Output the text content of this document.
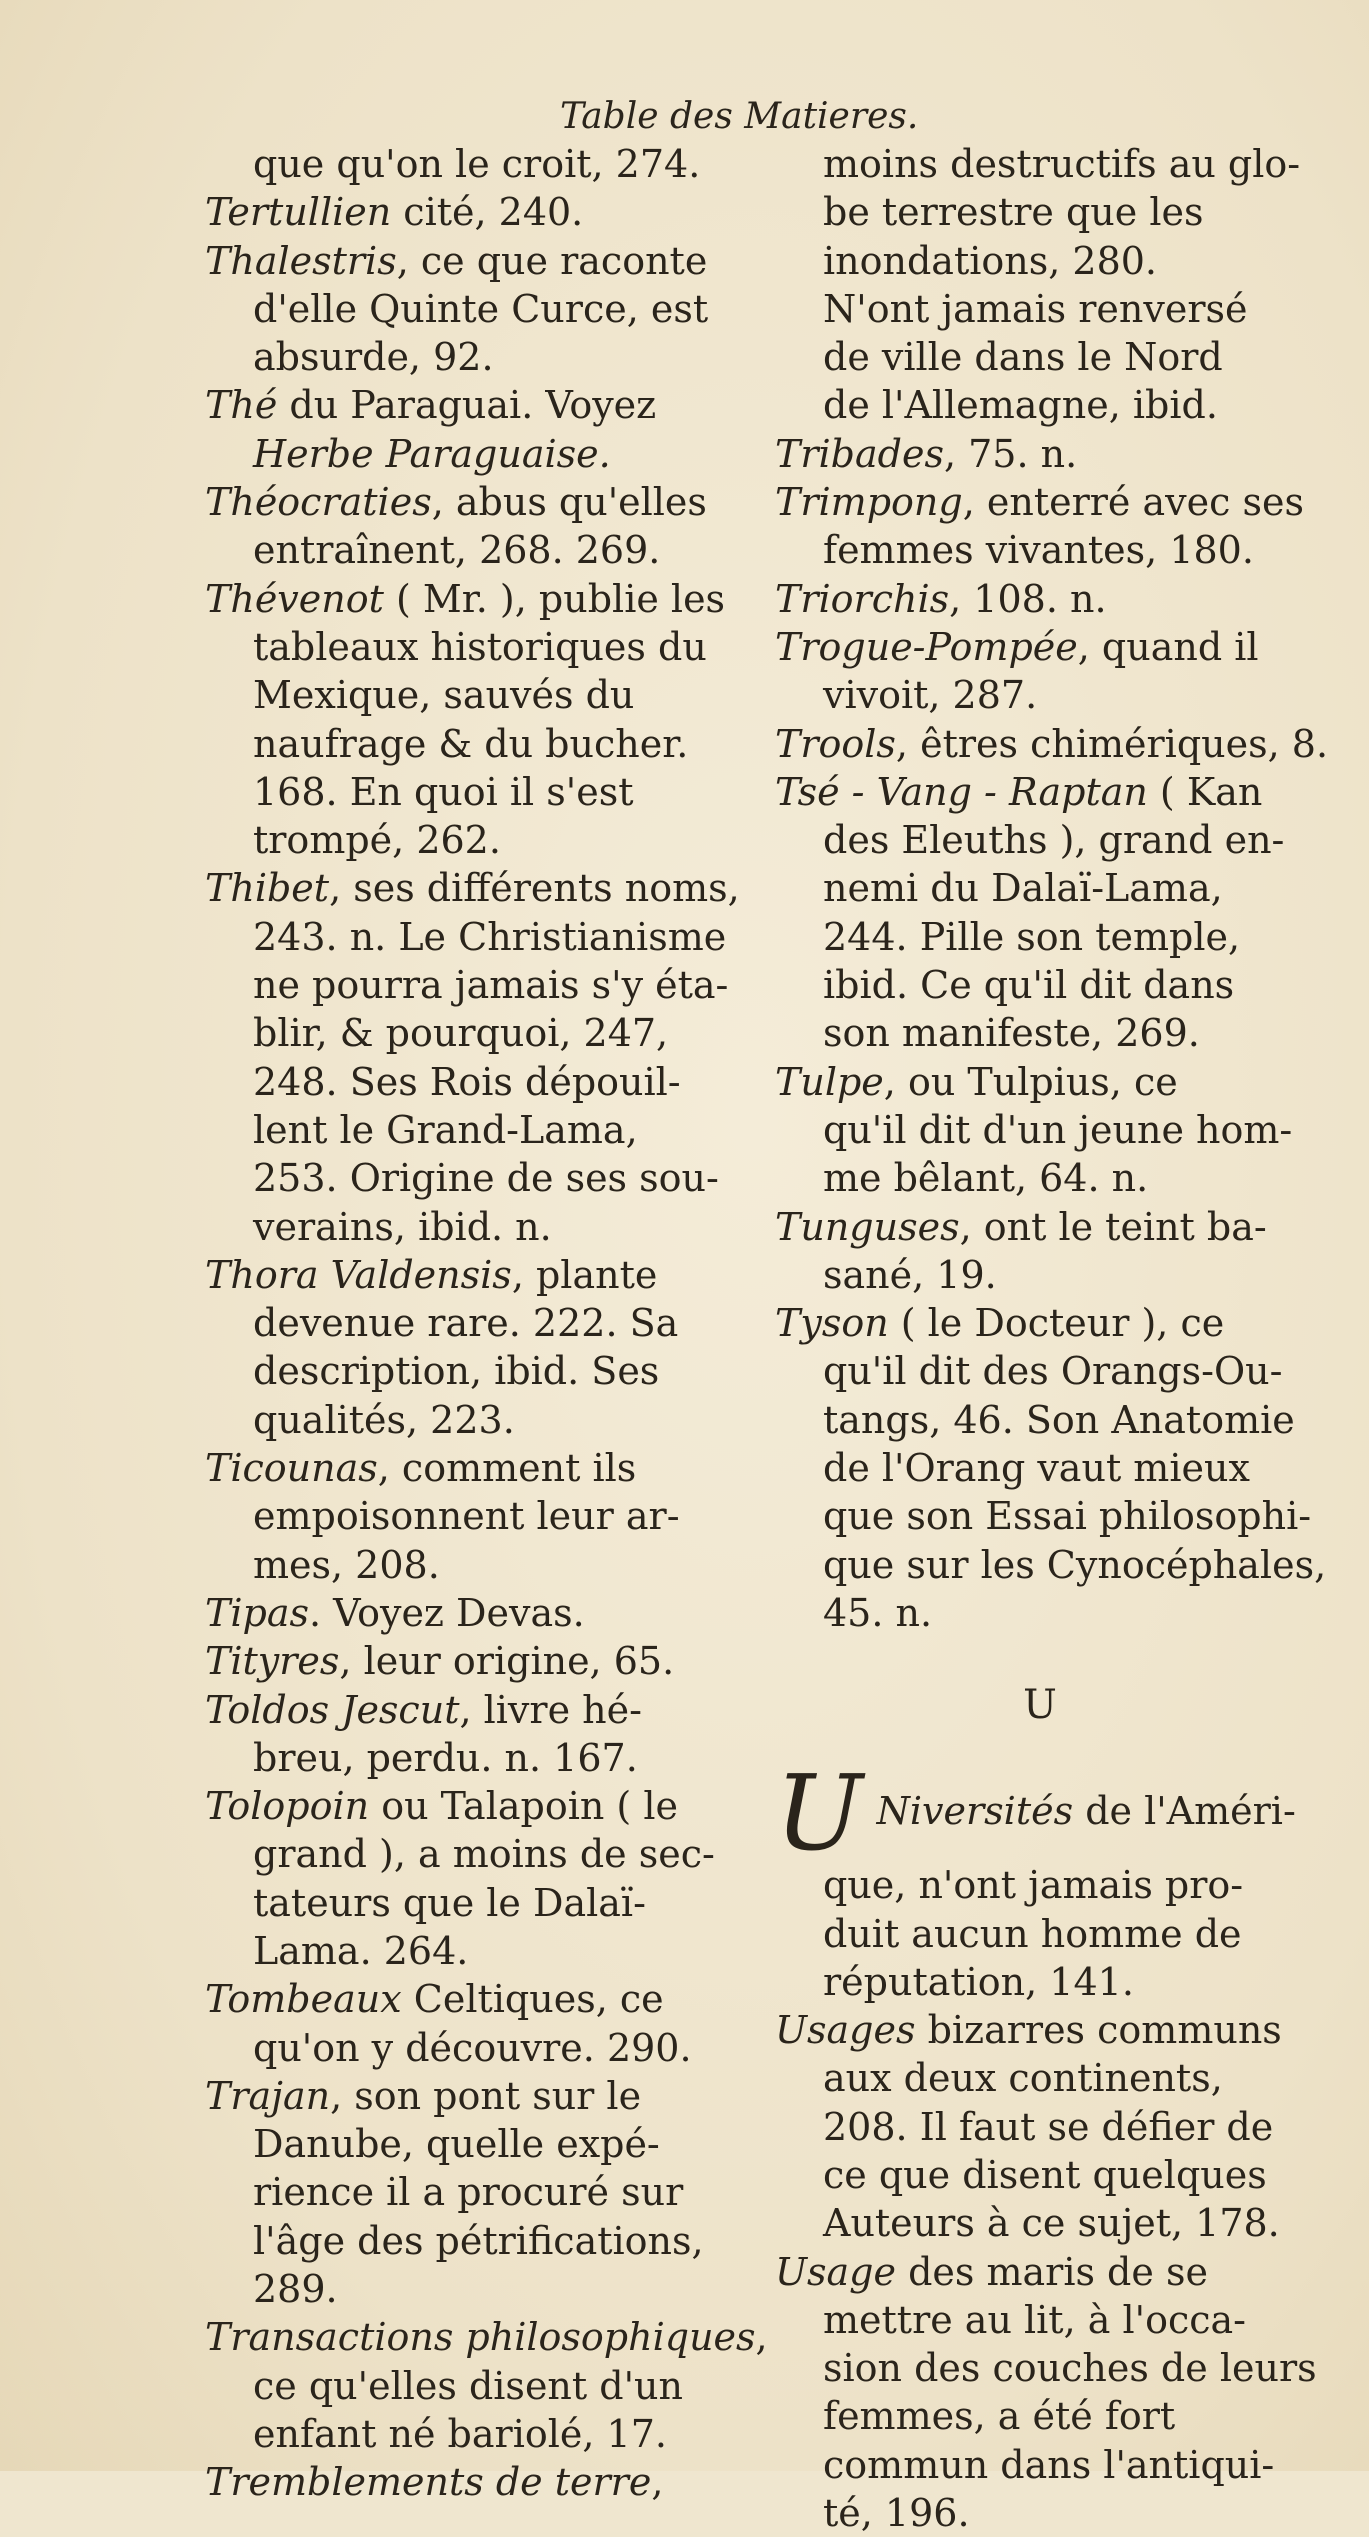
Table des Matieres.
que qu'on le croit, 274.
Tertullien cité, 240.
Thalestris, ce que raconte
d'elle Quinte Curce, est
absurde, 92.
Thé du Paraguai. Voyez
Herbe Paraguaise.
Théocraties, abus qu'elles
entraînent, 268. 269.
Thévenot ( Mr. ), publie les
tableaux historiques du
Mexique, sauvés du
naufrage & du bucher.
168. En quoi il s'est
trompé, 262.
Thibet, ses différents noms,
243. n. Le Christianisme
ne pourra jamais s'y éta-
blir, & pourquoi, 247,
248. Ses Rois dépouil-
lent le Grand-Lama,
253. Origine de ses sou-
verains, ibid. n.
Thora Valdensis, plante
devenue rare. 222. Sa
description, ibid. Ses
qualités, 223.
Ticounas, comment ils
empoisonnent leur ar-
mes, 208.
Tipas. Voyez Devas.
Tityres, leur origine, 65.
Toldos Jescut, livre hé-
breu, perdu. n. 167.
Tolopoin ou Talapoin ( le
grand ), a moins de sec-
tateurs que le Dalaï-
Lama. 264.
Tombeaux Celtiques, ce
qu'on y découvre. 290.
Trajan, son pont sur le
Danube, quelle expé-
rience il a procuré sur
l'âge des pétrifications,
289.
Transactions philosophiques,
ce qu'elles disent d'un
enfant né bariolé, 17.
Tremblements de terre,
moins destructifs au glo-
be terrestre que les
inondations, 280.
N'ont jamais renversé
de ville dans le Nord
de l'Allemagne, ibid.
Tribades, 75. n.
Trimpong, enterré avec ses
femmes vivantes, 180.
Triorchis, 108. n.
Trogue-Pompée, quand il
vivoit, 287.
Trools, êtres chimériques, 8.
Tsé - Vang - Raptan ( Kan
des Eleuths ), grand en-
nemi du Dalaï-Lama,
244. Pille son temple,
ibid. Ce qu'il dit dans
son manifeste, 269.
Tulpe, ou Tulpius, ce
qu'il dit d'un jeune hom-
me bêlant, 64. n.
Tunguses, ont le teint ba-
sané, 19.
Tyson ( le Docteur ), ce
qu'il dit des Orangs-Ou-
tangs, 46. Son Anatomie
de l'Orang vaut mieux
que son Essai philosophi-
que sur les Cynocéphales,
45. n.
U
U Niversités de l'Améri-
que, n'ont jamais pro-
duit aucun homme de
réputation, 141.
Usages bizarres communs
aux deux continents,
208. Il faut se défier de
ce que disent quelques
Auteurs à ce sujet, 178.
Usage des maris de se
mettre au lit, à l'occa-
sion des couches de leurs
femmes, a été fort
commun dans l'antiqui-
té, 196.
